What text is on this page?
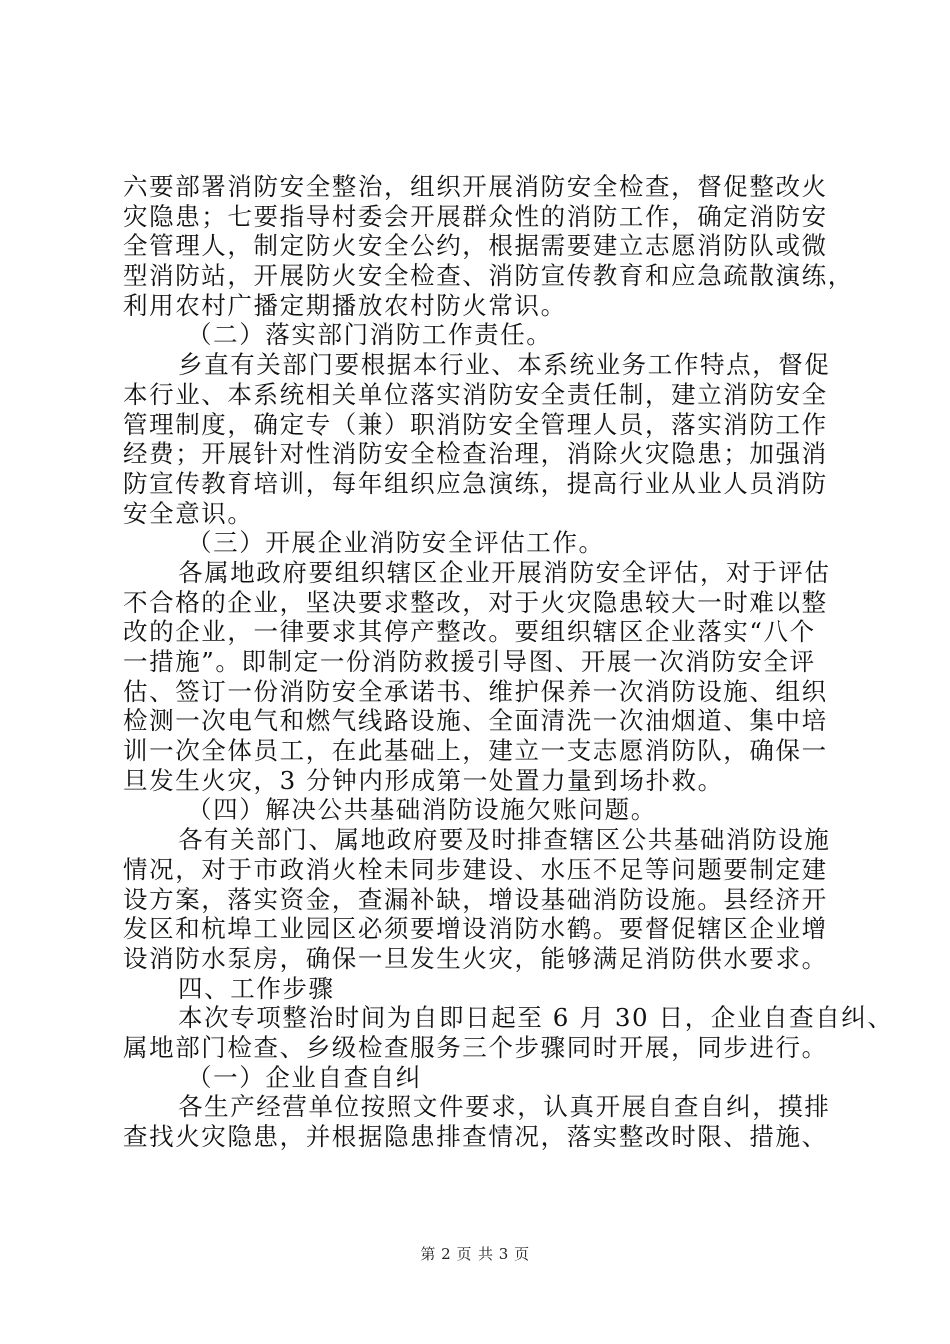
六要部署消防安全整治，组织开展消防安全检查，督促整改火
灾隐患；七要指导村委会开展群众性的消防工作，确定消防安
全管理人，制定防火安全公约，根据需要建立志愿消防队或微
型消防站，开展防火安全检查、消防宣传教育和应急疏散演练，
利用农村广播定期播放农村防火常识。
（二）落实部门消防工作责任。
乡直有关部门要根据本行业、本系统业务工作特点，督促
本行业、本系统相关单位落实消防安全责任制，建立消防安全
管理制度，确定专（兼）职消防安全管理人员，落实消防工作
经费；开展针对性消防安全检查治理，消除火灾隐患；加强消
防宣传教育培训，每年组织应急演练，提高行业从业人员消防
安全意识。
（三）开展企业消防安全评估工作。
各属地政府要组织辖区企业开展消防安全评估，对于评估
不合格的企业，坚决要求整改，对于火灾隐患较大一时难以整
改的企业，一律要求其停产整改。要组织辖区企业落实“八个
一措施”。即制定一份消防救援引导图、开展一次消防安全评
估、签订一份消防安全承诺书、维护保养一次消防设施、组织
检测一次电气和燃气线路设施、全面清洗一次油烟道、集中培
训一次全体员工，在此基础上，建立一支志愿消防队，确保一
旦发生火灾，3 分钟内形成第一处置力量到场扑救。
（四）解决公共基础消防设施欠账问题。
各有关部门、属地政府要及时排查辖区公共基础消防设施
情况，对于市政消火栓未同步建设、水压不足等问题要制定建
设方案，落实资金，查漏补缺，增设基础消防设施。县经济开
发区和杭埠工业园区必须要增设消防水鹤。要督促辖区企业增
设消防水泵房，确保一旦发生火灾，能够满足消防供水要求。
四、工作步骤
本次专项整治时间为自即日起至 6 月 30 日，企业自查自纠、
属地部门检查、乡级检查服务三个步骤同时开展，同步进行。
（一）企业自查自纠
各生产经营单位按照文件要求，认真开展自查自纠，摸排
查找火灾隐患，并根据隐患排查情况，落实整改时限、措施、
第 2 页 共 3 页
